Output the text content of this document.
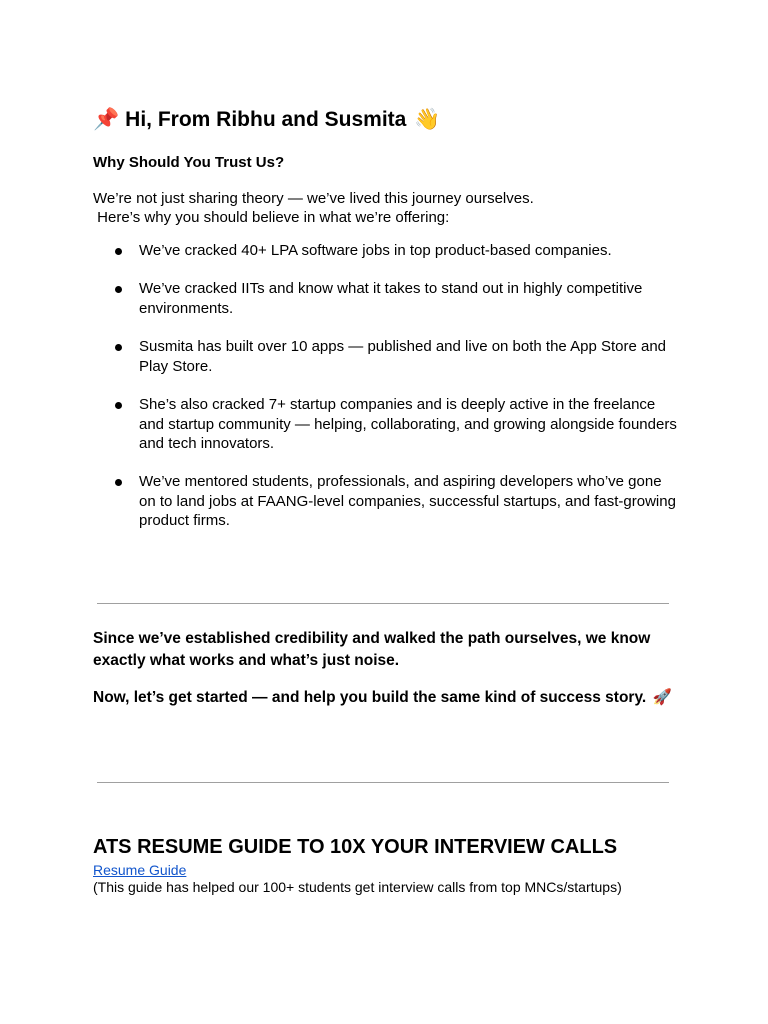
📌 Hi, From Ribhu and Susmita 👋
Why Should You Trust Us?
We’re not just sharing theory — we’ve lived this journey ourselves.
Here’s why you should believe in what we’re offering:
We’ve cracked 40+ LPA software jobs in top product-based companies.
We’ve cracked IITs and know what it takes to stand out in highly competitive environments.
Susmita has built over 10 apps — published and live on both the App Store and Play Store.
She’s also cracked 7+ startup companies and is deeply active in the freelance and startup community — helping, collaborating, and growing alongside founders and tech innovators.
We’ve mentored students, professionals, and aspiring developers who’ve gone on to land jobs at FAANG-level companies, successful startups, and fast-growing product firms.
Since we’ve established credibility and walked the path ourselves, we know exactly what works and what’s just noise.
Now, let’s get started — and help you build the same kind of success story. 🚀
ATS RESUME GUIDE TO 10X YOUR INTERVIEW CALLS
Resume Guide
(This guide has helped our 100+ students get interview calls from top MNCs/startups)
